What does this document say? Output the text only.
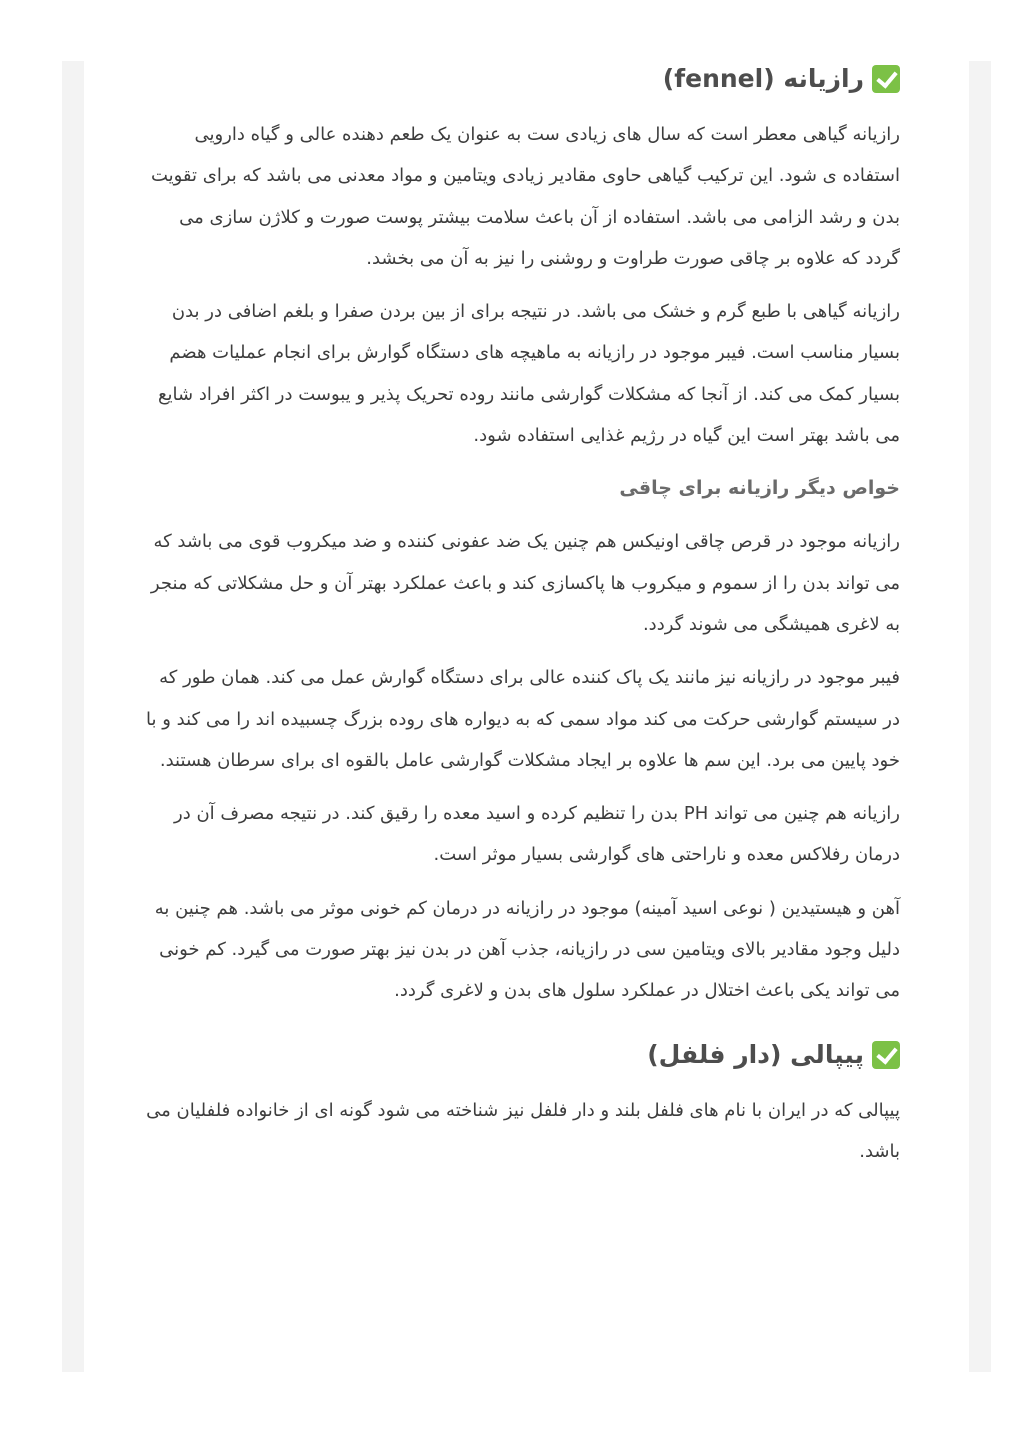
رازیانه (fennel)

رازیانه گیاهی معطر است که سال های زیادی ست به عنوان یک طعم دهنده عالی و گیاه دارویی استفاده ی شود. این ترکیب گیاهی حاوی مقادیر زیادی ویتامین و مواد معدنی می باشد که برای تقویت بدن و رشد الزامی می باشد. استفاده از آن باعث سلامت بیشتر پوست صورت و کلاژن سازی می گردد که علاوه بر چاقی صورت طراوت و روشنی را نیز به آن می بخشد.

رازیانه گیاهی با طبع گرم و خشک می باشد. در نتیجه برای از بین بردن صفرا و بلغم اضافی در بدن بسیار مناسب است. فیبر موجود در رازیانه به ماهیچه های دستگاه گوارش برای انجام عملیات هضم بسیار کمک می کند. از آنجا که مشکلات گوارشی مانند روده تحریک پذیر و یبوست در اکثر افراد شایع می باشد بهتر است این گیاه در رژیم غذایی استفاده شود.

خواص دیگر رازیانه برای چاقی

رازیانه موجود در قرص چاقی اونیکس هم چنین یک ضد عفونی کننده و ضد میکروب قوی می باشد که می تواند بدن را از سموم و میکروب ها پاکسازی کند و باعث عملکرد بهتر آن و حل مشکلاتی که منجر به لاغری همیشگی می شوند گردد.

فیبر موجود در رازیانه نیز مانند یک پاک کننده عالی برای دستگاه گوارش عمل می کند. همان طور که در سیستم گوارشی حرکت می کند مواد سمی که به دیواره های روده بزرگ چسبیده اند را می کند و با خود پایین می برد. این سم ها علاوه بر ایجاد مشکلات گوارشی عامل بالقوه ای برای سرطان هستند.

رازیانه هم چنین می تواند PH بدن را تنظیم کرده و اسید معده را رقیق کند. در نتیجه مصرف آن در درمان رفلاکس معده و ناراحتی های گوارشی بسیار موثر است.

آهن و هیستیدین ( نوعی اسید آمینه) موجود در رازیانه در درمان کم خونی موثر می باشد. هم چنین به دلیل وجود مقادیر بالای ویتامین سی در رازیانه، جذب آهن در بدن نیز بهتر صورت می گیرد. کم خونی می تواند یکی باعث اختلال در عملکرد سلول های بدن و لاغری گردد.

پیپالی (دار فلفل)

پیپالی که در ایران با نام های فلفل بلند و دار فلفل نیز شناخته می شود گونه ای از خانواده فلفلیان می باشد.
